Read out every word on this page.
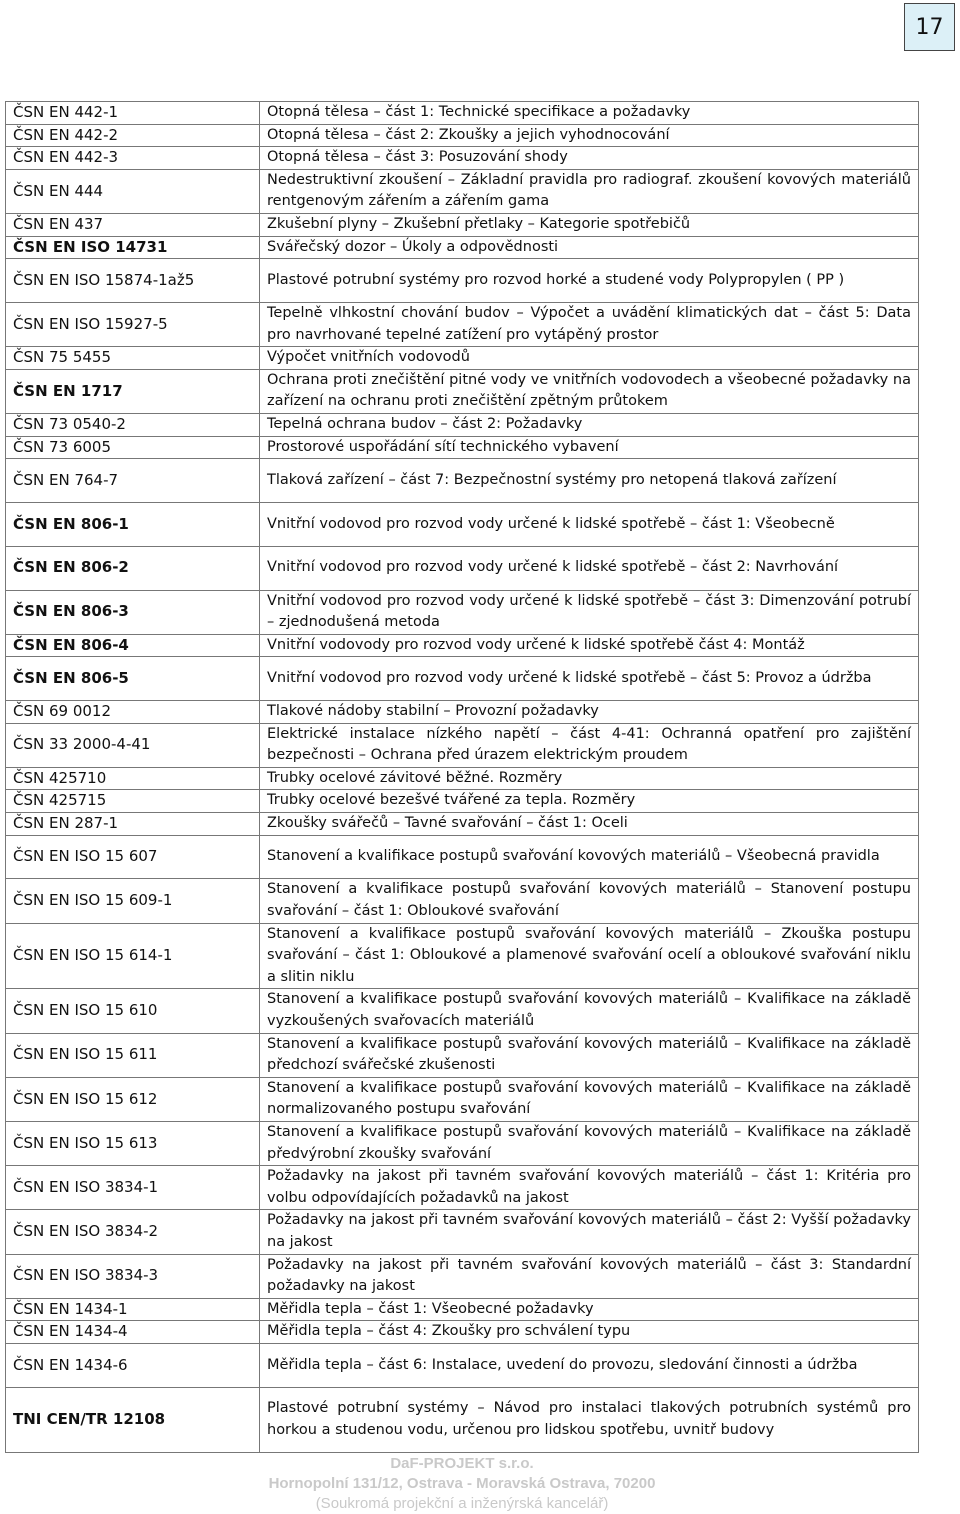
17
ČSN EN 442-1	Otopná tělesa – část 1: Technické specifikace a požadavky
ČSN EN 442-2	Otopná tělesa – část 2: Zkoušky a jejich vyhodnocování
ČSN EN 442-3	Otopná tělesa – část 3: Posuzování shody
ČSN EN 444	Nedestruktivní zkoušení – Základní pravidla pro radiograf. zkoušení kovových materiálů rentgenovým zářením a zářením gama
ČSN EN 437	Zkušební plyny – Zkušební přetlaky – Kategorie spotřebičů
ČSN EN ISO 14731	Svářečský dozor – Úkoly a odpovědnosti
ČSN EN ISO 15874-1až5	Plastové potrubní systémy pro rozvod horké a studené vody Polypropylen ( PP )
ČSN EN ISO 15927-5	Tepelně vlhkostní chování budov – Výpočet a uvádění klimatických dat – část 5: Data pro navrhované tepelné zatížení pro vytápěný prostor
ČSN 75 5455	Výpočet vnitřních vodovodů
ČSN EN 1717	Ochrana proti znečištění pitné vody ve vnitřních vodovodech a všeobecné požadavky na zařízení na ochranu proti znečištění zpětným průtokem
ČSN 73 0540-2	Tepelná ochrana budov – část 2: Požadavky
ČSN 73 6005	Prostorové uspořádání sítí technického vybavení
ČSN EN 764-7	Tlaková zařízení – část 7: Bezpečnostní systémy pro netopená tlaková zařízení
ČSN EN 806-1	Vnitřní vodovod pro rozvod vody určené k lidské spotřebě – část 1: Všeobecně
ČSN EN 806-2	Vnitřní vodovod pro rozvod vody určené k lidské spotřebě – část 2: Navrhování
ČSN EN 806-3	Vnitřní vodovod pro rozvod vody určené k lidské spotřebě – část 3: Dimenzování potrubí – zjednodušená metoda
ČSN EN 806-4	Vnitřní vodovody pro rozvod vody určené k lidské spotřebě část 4: Montáž
ČSN EN 806-5	Vnitřní vodovod pro rozvod vody určené k lidské spotřebě – část 5: Provoz a údržba
ČSN 69 0012	Tlakové nádoby stabilní – Provozní požadavky
ČSN 33 2000-4-41	Elektrické instalace nízkého napětí – část 4-41: Ochranná opatření pro zajištění bezpečnosti – Ochrana před úrazem elektrickým proudem
ČSN 425710	Trubky ocelové závitové běžné. Rozměry
ČSN 425715	Trubky ocelové bezešvé tvářené za tepla. Rozměry
ČSN EN 287-1	Zkoušky svářečů – Tavné svařování – část 1: Oceli
ČSN EN ISO 15 607	Stanovení a kvalifikace postupů svařování kovových materiálů – Všeobecná pravidla
ČSN EN ISO 15 609-1	Stanovení a kvalifikace postupů svařování kovových materiálů – Stanovení postupu svařování – část 1: Obloukové svařování
ČSN EN ISO 15 614-1	Stanovení a kvalifikace postupů svařování kovových materiálů – Zkouška postupu svařování – část 1: Obloukové a plamenové svařování ocelí a obloukové svařování niklu a slitin niklu
ČSN EN ISO 15 610	Stanovení a kvalifikace postupů svařování kovových materiálů – Kvalifikace na základě vyzkoušených svařovacích materiálů
ČSN EN ISO 15 611	Stanovení a kvalifikace postupů svařování kovových materiálů – Kvalifikace na základě předchozí svářečské zkušenosti
ČSN EN ISO 15 612	Stanovení a kvalifikace postupů svařování kovových materiálů – Kvalifikace na základě normalizovaného postupu svařování
ČSN EN ISO 15 613	Stanovení a kvalifikace postupů svařování kovových materiálů – Kvalifikace na základě předvýrobní zkoušky svařování
ČSN EN ISO 3834-1	Požadavky na jakost při tavném svařování kovových materiálů – část 1: Kritéria pro volbu odpovídajících požadavků na jakost
ČSN EN ISO 3834-2	Požadavky na jakost při tavném svařování kovových materiálů – část 2: Vyšší požadavky na jakost
ČSN EN ISO 3834-3	Požadavky na jakost při tavném svařování kovových materiálů – část 3: Standardní požadavky na jakost
ČSN EN 1434-1	Měřidla tepla – část 1: Všeobecné požadavky
ČSN EN 1434-4	Měřidla tepla – část 4: Zkoušky pro schválení typu
ČSN EN 1434-6	Měřidla tepla – část 6: Instalace, uvedení do provozu, sledování činnosti a údržba
TNI CEN/TR 12108	Plastové potrubní systémy – Návod pro instalaci tlakových potrubních systémů pro horkou a studenou vodu, určenou pro lidskou spotřebu, uvnitř budovy
DaF-PROJEKT s.r.o.
Hornopolní 131/12, Ostrava - Moravská Ostrava, 70200
(Soukromá projekční a inženýrská kancelář)
